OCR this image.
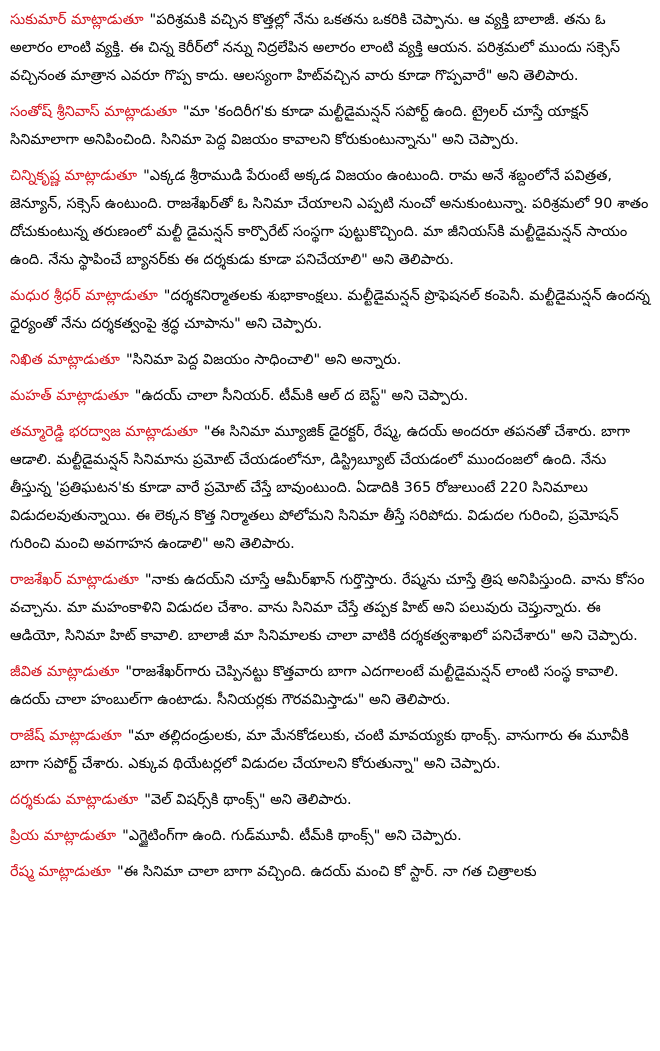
సుకుమార్ మాట్లాడుతూ "పరిశ్రమకి వచ్చిన కొత్తల్లో నేను ఒకతను ఒకరికి చెప్పాను. ఆ వ్యక్తి బాలాజీ. తను ఓ అలారం లాంటి వ్యక్తి. ఈ చిన్న కెరీర్‌లో నన్ను నిద్రలేపిన అలారం లాంటి వ్యక్తి ఆయన. పరిశ్రమలో ముందు సక్సెస్ వచ్చినంత మాత్రాన ఎవరూ గొప్ప కాదు. ఆలస్యంగా హిట్‌వచ్చిన వారు కూడా గొప్పవారే" అని తెలిపారు.

సంతోష్ శ్రీనివాస్ మాట్లాడుతూ "మా 'కందిరీగ'కు కూడా మల్టీడైమన్షన్ సపోర్ట్ ఉంది. ట్రైలర్ చూస్తే యాక్షన్ సినిమాలాగా అనిపించింది. సినిమా పెద్ద విజయం కావాలని కోరుకుంటున్నాను" అని చెప్పారు.

చిన్నికృష్ణ మాట్లాడుతూ "ఎక్కడ శ్రీరాముడి పేరుంటే అక్కడ విజయం ఉంటుంది. రామ అనే శబ్దంలోనే పవిత్రత, జెన్యూన్, సక్సెస్ ఉంటుంది. రాజశేఖర్‌తో ఓ సినిమా చేయాలని ఎప్పటి నుంచో అనుకుంటున్నా. పరిశ్రమలో 90 శాతం దోచుకుంటున్న తరుణంలో మల్టీ డైమన్షన్ కార్పొరేట్ సంస్థగా పుట్టుకొచ్చింది. మా జీనియస్‌కి మల్టీడైమన్షన్ సాయం ఉంది. నేను స్థాపించే బ్యానర్‌కు ఈ దర్శకుడు కూడా పనిచేయాలి" అని తెలిపారు.

మధుర శ్రీధర్ మాట్లాడుతూ "దర్శకనిర్మాతలకు శుభాకాంక్షలు. మల్టీడైమన్షన్ ప్రొఫెషనల్ కంపెనీ. మల్టీడైమన్షన్ ఉందన్న ధైర్యంతో నేను దర్శకత్వంపై శ్రద్ధ చూపాను" అని చెప్పారు.

నిఖిత మాట్లాడుతూ "సినిమా పెద్ద విజయం సాధించాలి" అని అన్నారు.

మహత్ మాట్లాడుతూ "ఉదయ్ చాలా సీనియర్. టీమ్‌కి ఆల్ ద బెస్ట్" అని చెప్పారు.

తమ్మారెడ్డి భరద్వాజ మాట్లాడుతూ "ఈ సినిమా మ్యూజిక్ డైరక్టర్, రేష్మ, ఉదయ్ అందరూ తపనతో చేశారు. బాగా ఆడాలి. మల్టీడైమన్షన్ సినిమాను ప్రమోట్ చేయడంలోనూ, డిస్ట్రిబ్యూట్ చేయడంలో ముందంజలో ఉంది. నేను తీస్తున్న 'ప్రతిఘటన'కు కూడా వారే ప్రమోట్ చేస్తే బావుంటుంది. ఏడాదికి 365 రోజులుంటే 220 సినిమాలు విడుదలవుతున్నాయి. ఈ లెక్కన కొత్త నిర్మాతలు పోలోమని సినిమా తీస్తే సరిపోదు. విడుదల గురించి, ప్రమోషన్ గురించి మంచి అవగాహన ఉండాలి" అని తెలిపారు.

రాజశేఖర్ మాట్లాడుతూ "నాకు ఉదయ్‌ని చూస్తే ఆమీర్‌ఖాన్ గుర్తొస్తారు. రేష్మను చూస్తే త్రిష అనిపిస్తుంది. వాను కోసం వచ్చాను. మా మహంకాళిని విడుదల చేశాం. వాను సినిమా చేస్తే తప్పక హిట్ అని పలువురు చెప్తున్నారు. ఈ ఆడియో, సినిమా హిట్ కావాలి. బాలాజీ మా సినిమాలకు చాలా వాటికి దర్శకత్వశాఖలో పనిచేశారు" అని చెప్పారు.

జీవిత మాట్లాడుతూ "రాజశేఖర్‌గారు చెప్పినట్టు కొత్తవారు బాగా ఎదగాలంటే మల్టీడైమన్షన్ లాంటి సంస్థ కావాలి. ఉదయ్ చాలా హంబుల్‌గా ఉంటాడు. సీనియర్లకు గౌరవమిస్తాడు" అని తెలిపారు.

రాజేష్ మాట్లాడుతూ "మా తల్లిదండ్రులకు, మా మేనకోడలుకు, చంటి మావయ్యకు థాంక్స్. వానుగారు ఈ మూవీకి బాగా సపోర్ట్ చేశారు. ఎక్కువ థియేటర్లలో విడుదల చేయాలని కోరుతున్నా" అని చెప్పారు.

దర్శకుడు మాట్లాడుతూ "వెల్ విషర్స్‌కి థాంక్స్" అని తెలిపారు.

ప్రియ మాట్లాడుతూ "ఎగ్జైటింగ్‌గా ఉంది. గుడ్‌మూవీ. టీమ్‌కి థాంక్స్" అని చెప్పారు.

రేష్మ మాట్లాడుతూ "ఈ సినిమా చాలా బాగా వచ్చింది. ఉదయ్ మంచి కో స్టార్. నా గత చిత్రాలకు
